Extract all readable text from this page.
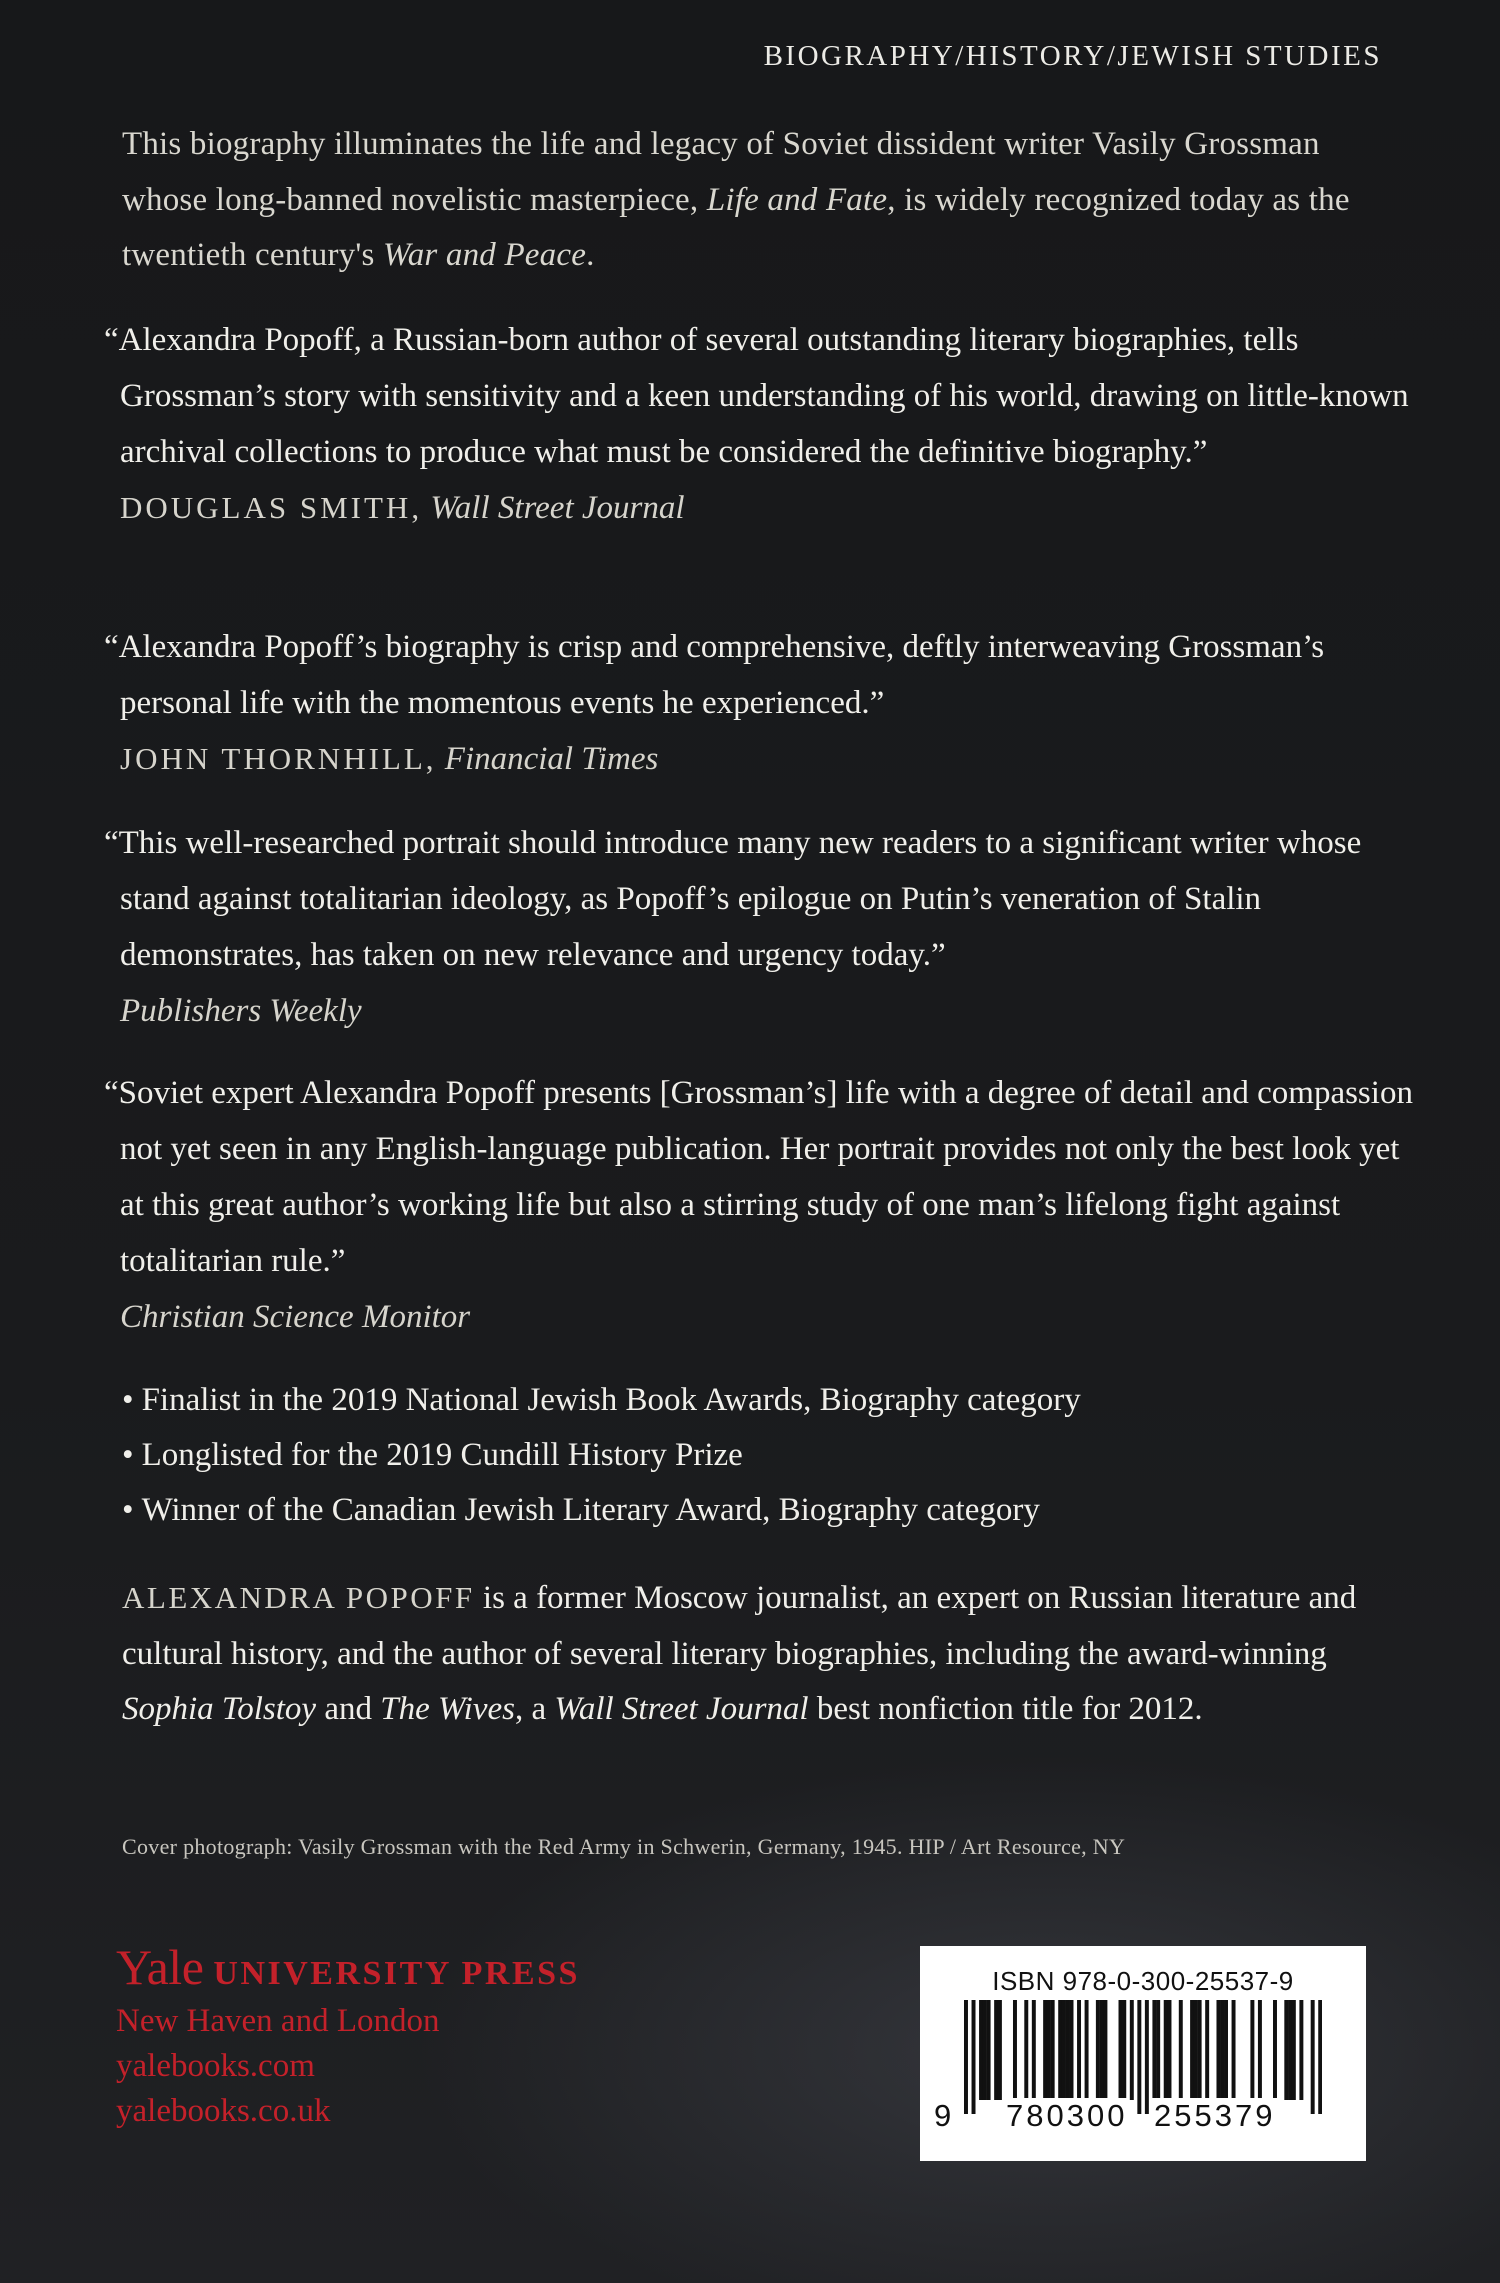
BIOGRAPHY/HISTORY/JEWISH STUDIES

This biography illuminates the life and legacy of Soviet dissident writer Vasily Grossman whose long-banned novelistic masterpiece, Life and Fate, is widely recognized today as the twentieth century's War and Peace.

“Alexandra Popoff, a Russian-born author of several outstanding literary biographies, tells Grossman’s story with sensitivity and a keen understanding of his world, drawing on little-known archival collections to produce what must be considered the definitive biography.”
DOUGLAS SMITH, Wall Street Journal

“Alexandra Popoff’s biography is crisp and comprehensive, deftly interweaving Grossman’s personal life with the momentous events he experienced.”
JOHN THORNHILL, Financial Times

“This well-researched portrait should introduce many new readers to a significant writer whose stand against totalitarian ideology, as Popoff’s epilogue on Putin’s veneration of Stalin demonstrates, has taken on new relevance and urgency today.”
Publishers Weekly

“Soviet expert Alexandra Popoff presents [Grossman’s] life with a degree of detail and compassion not yet seen in any English-language publication. Her portrait provides not only the best look yet at this great author’s working life but also a stirring study of one man’s lifelong fight against totalitarian rule.”
Christian Science Monitor

• Finalist in the 2019 National Jewish Book Awards, Biography category
• Longlisted for the 2019 Cundill History Prize
• Winner of the Canadian Jewish Literary Award, Biography category

ALEXANDRA POPOFF is a former Moscow journalist, an expert on Russian literature and cultural history, and the author of several literary biographies, including the award-winning Sophia Tolstoy and The Wives, a Wall Street Journal best nonfiction title for 2012.

Cover photograph: Vasily Grossman with the Red Army in Schwerin, Germany, 1945. HIP / Art Resource, NY
Yale UNIVERSITY PRESS
New Haven and London
yalebooks.com
yalebooks.co.uk
ISBN 978-0-300-25537-9
9 780300 255379
